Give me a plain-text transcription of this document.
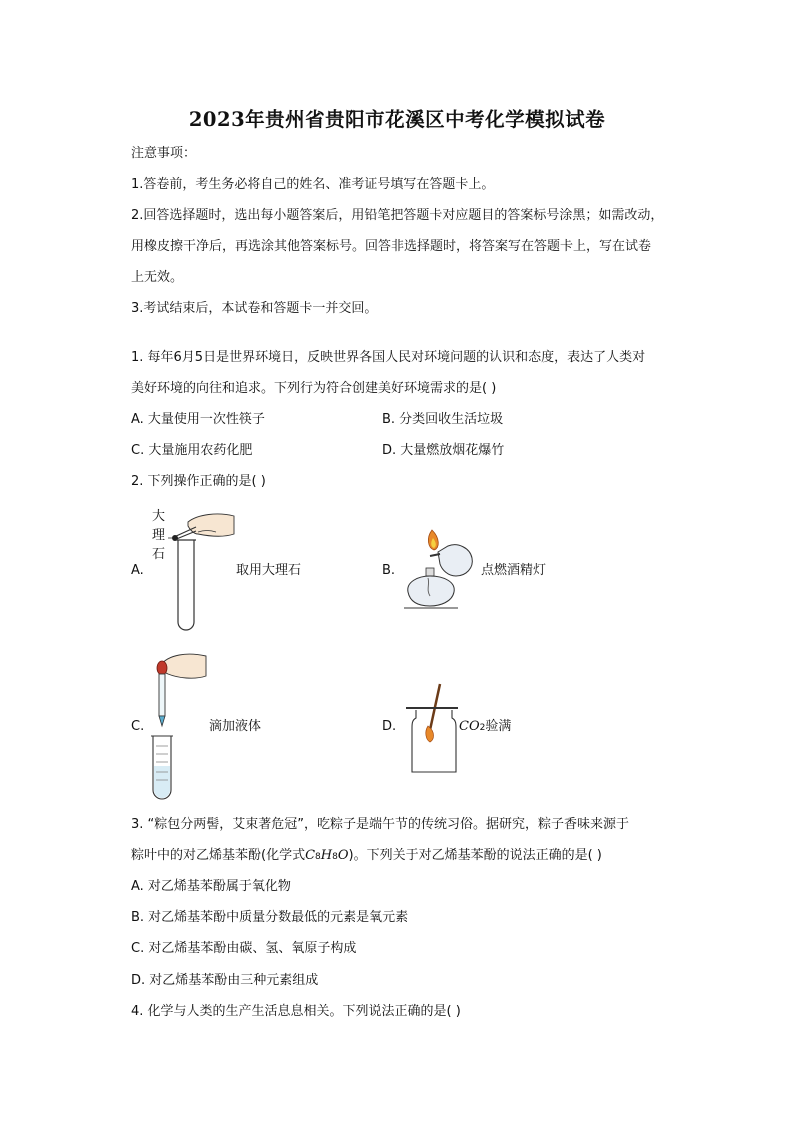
2023年贵州省贵阳市花溪区中考化学模拟试卷
注意事项：
1.答卷前，考生务必将自己的姓名、准考证号填写在答题卡上。
2.回答选择题时，选出每小题答案后，用铅笔把答题卡对应题目的答案标号涂黑；如需改动，
用橡皮擦干净后，再选涂其他答案标号。回答非选择题时，将答案写在答题卡上，写在试卷
上无效。
3.考试结束后，本试卷和答题卡一并交回。
1. 每年6月5日是世界环境日，反映世界各国人民对环境问题的认识和态度，表达了人类对
美好环境的向往和追求。下列行为符合创建美好环境需求的是( )
A. 大量使用一次性筷子	B. 分类回收生活垃圾
C. 大量施用农药化肥	D. 大量燃放烟花爆竹
2. 下列操作正确的是( )
A.
大
理
石
取用大理石	B.	点燃酒精灯
C.	滴加液体	D.	CO2验满
3. “粽包分两髻，艾束著危冠”，吃粽子是端午节的传统习俗。据研究，粽子香味来源于
粽叶中的对乙烯基苯酚(化学式C8H8O)。下列关于对乙烯基苯酚的说法正确的是( )
A. 对乙烯基苯酚属于氧化物
B. 对乙烯基苯酚中质量分数最低的元素是氧元素
C. 对乙烯基苯酚由碳、氢、氧原子构成
D. 对乙烯基苯酚由三种元素组成
4. 化学与人类的生产生活息息相关。下列说法正确的是( )
